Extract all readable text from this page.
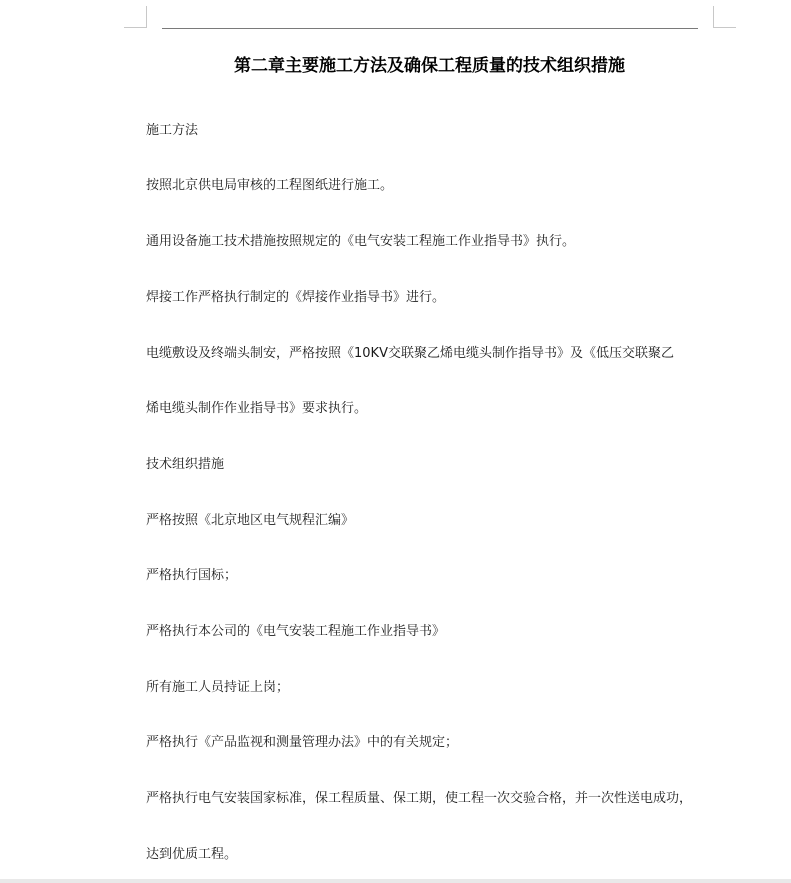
第二章主要施工方法及确保工程质量的技术组织措施
施工方法
按照北京供电局审核的工程图纸进行施工。
通用设备施工技术措施按照规定的《电气安装工程施工作业指导书》执行。
焊接工作严格执行制定的《焊接作业指导书》进行。
电缆敷设及终端头制安，严格按照《10KV交联聚乙烯电缆头制作指导书》及《低压交联聚乙
烯电缆头制作作业指导书》要求执行。
技术组织措施
严格按照《北京地区电气规程汇编》
严格执行国标；
严格执行本公司的《电气安装工程施工作业指导书》
所有施工人员持证上岗；
严格执行《产品监视和测量管理办法》中的有关规定；
严格执行电气安装国家标准，保工程质量、保工期，使工程一次交验合格，并一次性送电成功，
达到优质工程。
